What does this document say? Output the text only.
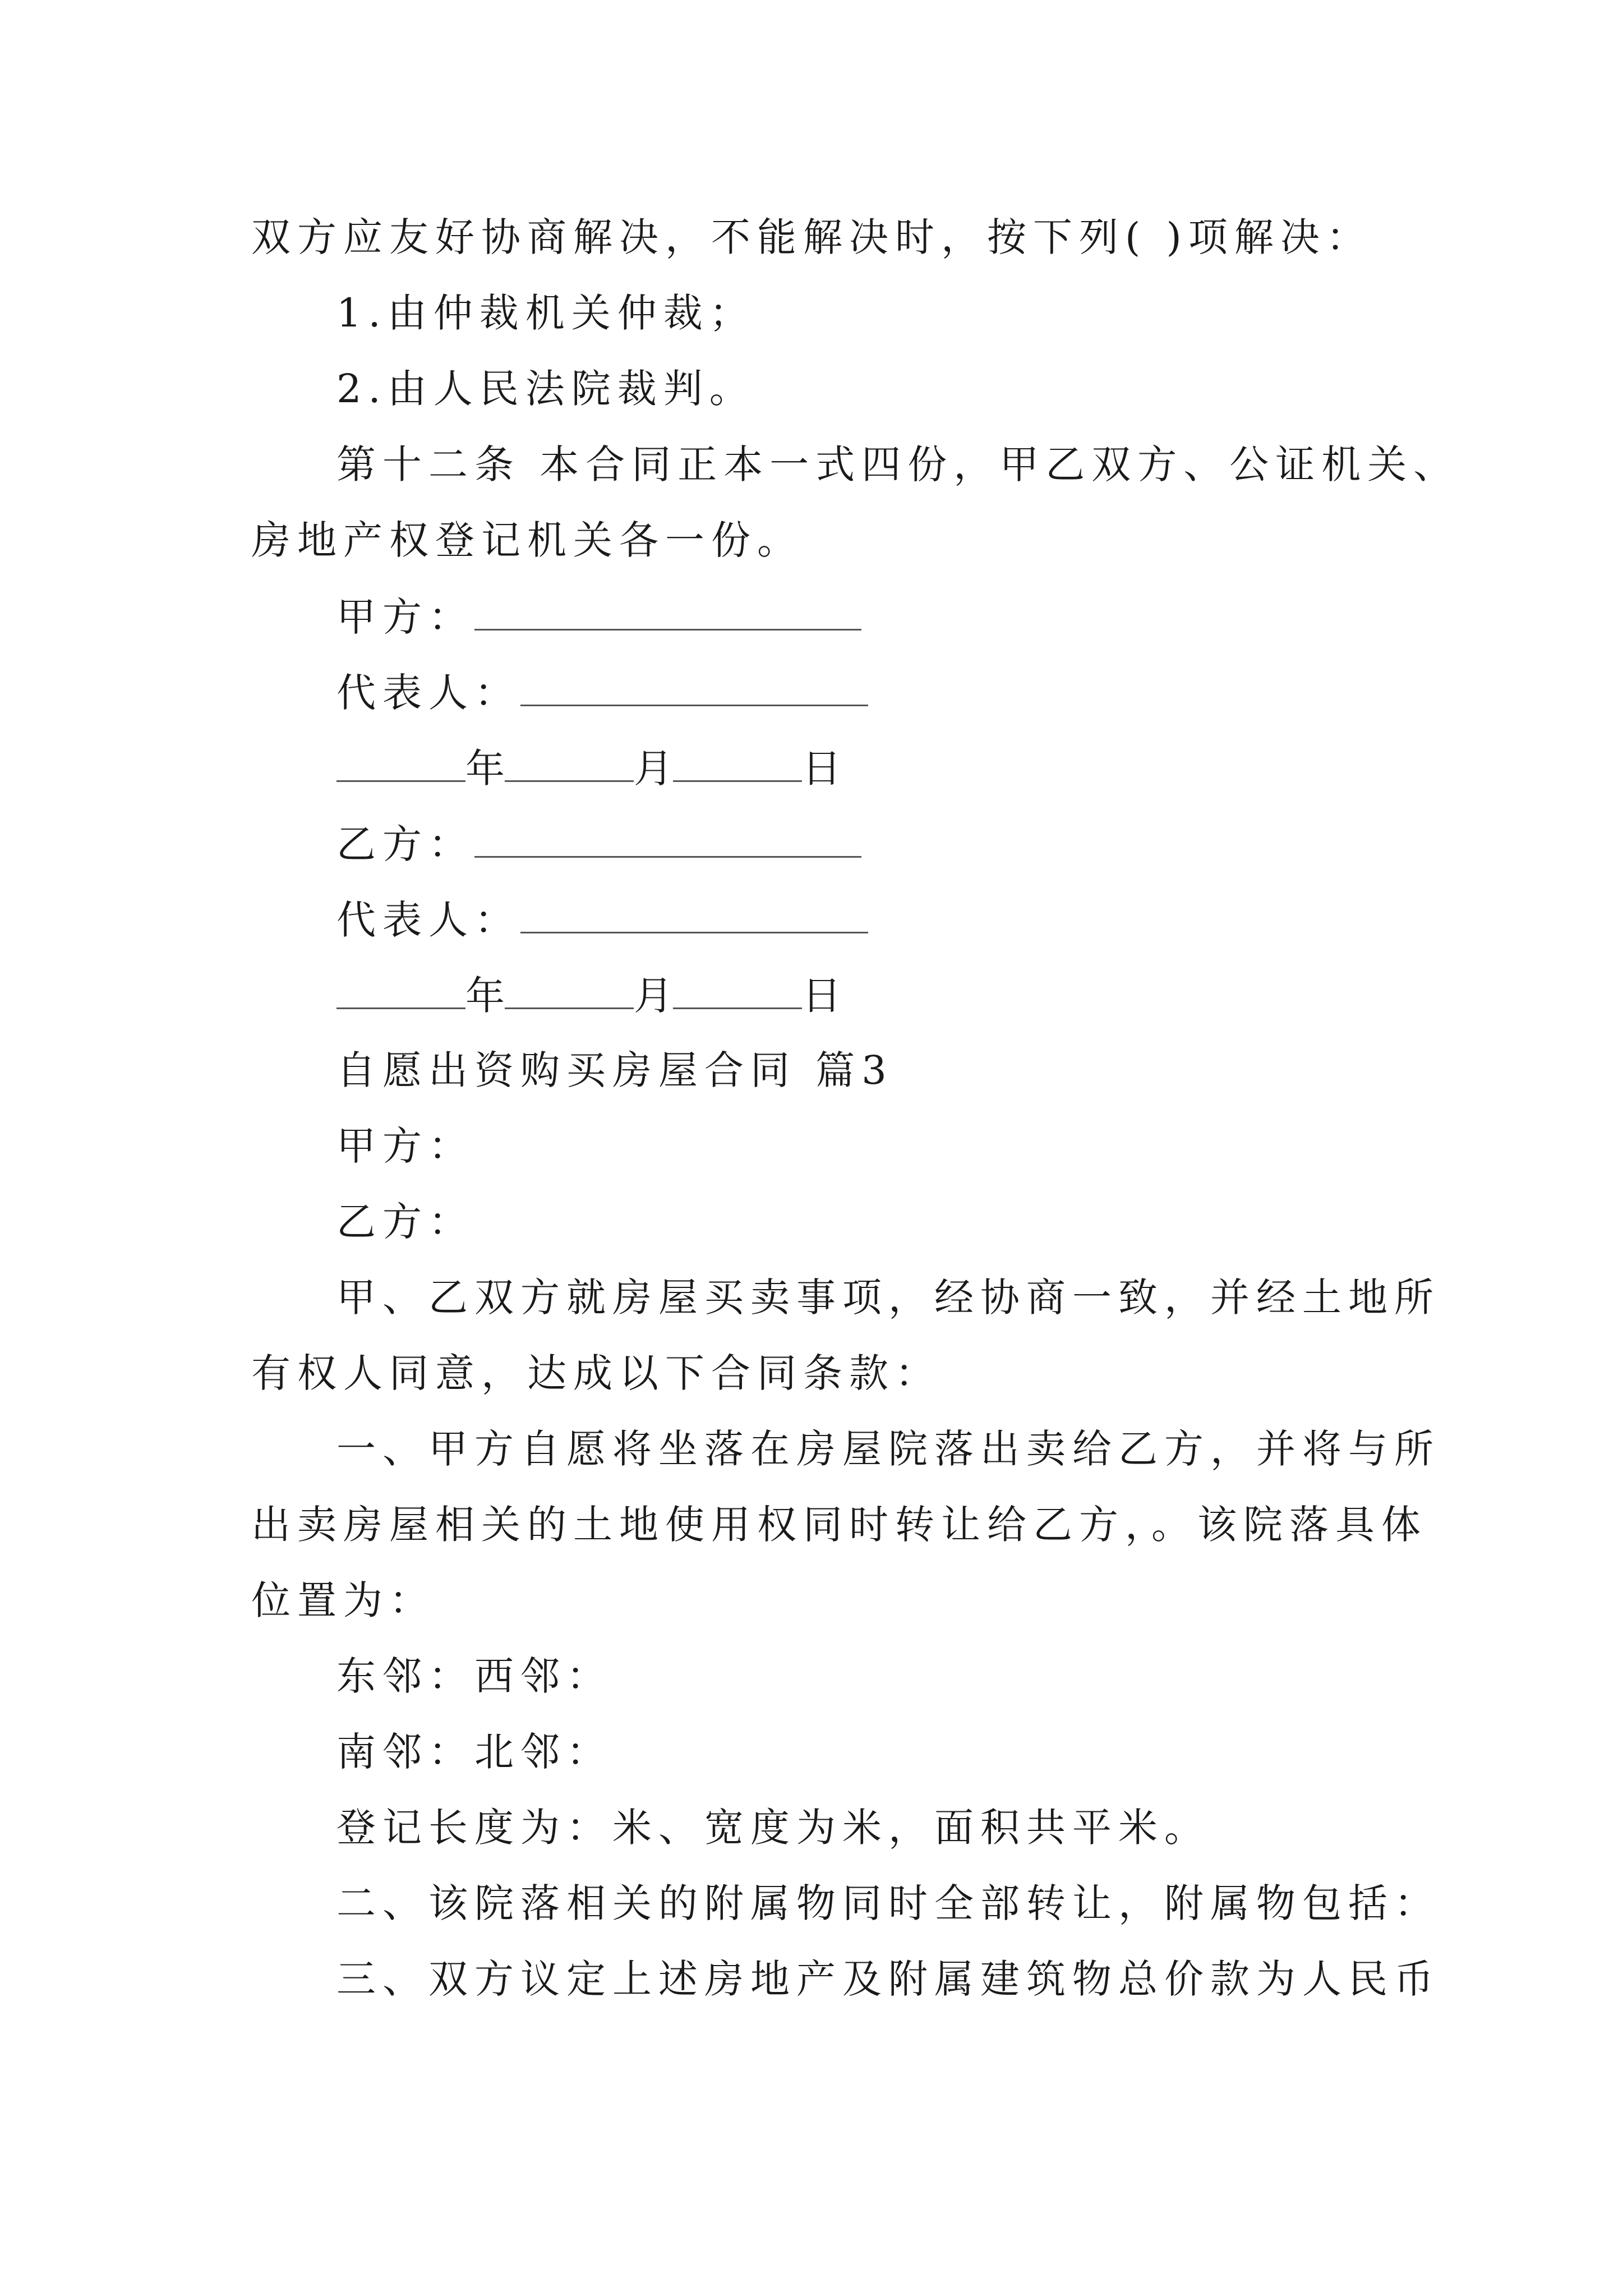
双方应友好协商解决，不能解决时，按下列( )项解决：
1.由仲裁机关仲裁；
2.由人民法院裁判。
第十二条 本合同正本一式四份，甲乙双方、公证机关、
房地产权登记机关各一份。
甲方：
代表人：
年	月	日
乙方：
代表人：
年	月	日
自愿出资购买房屋合同 篇3
甲方：
乙方：
甲、乙双方就房屋买卖事项，经协商一致，并经土地所
有权人同意，达成以下合同条款：
一、甲方自愿将坐落在房屋院落出卖给乙方，并将与所
出卖房屋相关的土地使用权同时转让给乙方，。该院落具体
位置为：
东邻：西邻：
南邻：北邻：
登记长度为：米、宽度为米，面积共平米。
二、该院落相关的附属物同时全部转让，附属物包括：
三、双方议定上述房地产及附属建筑物总价款为人民币
